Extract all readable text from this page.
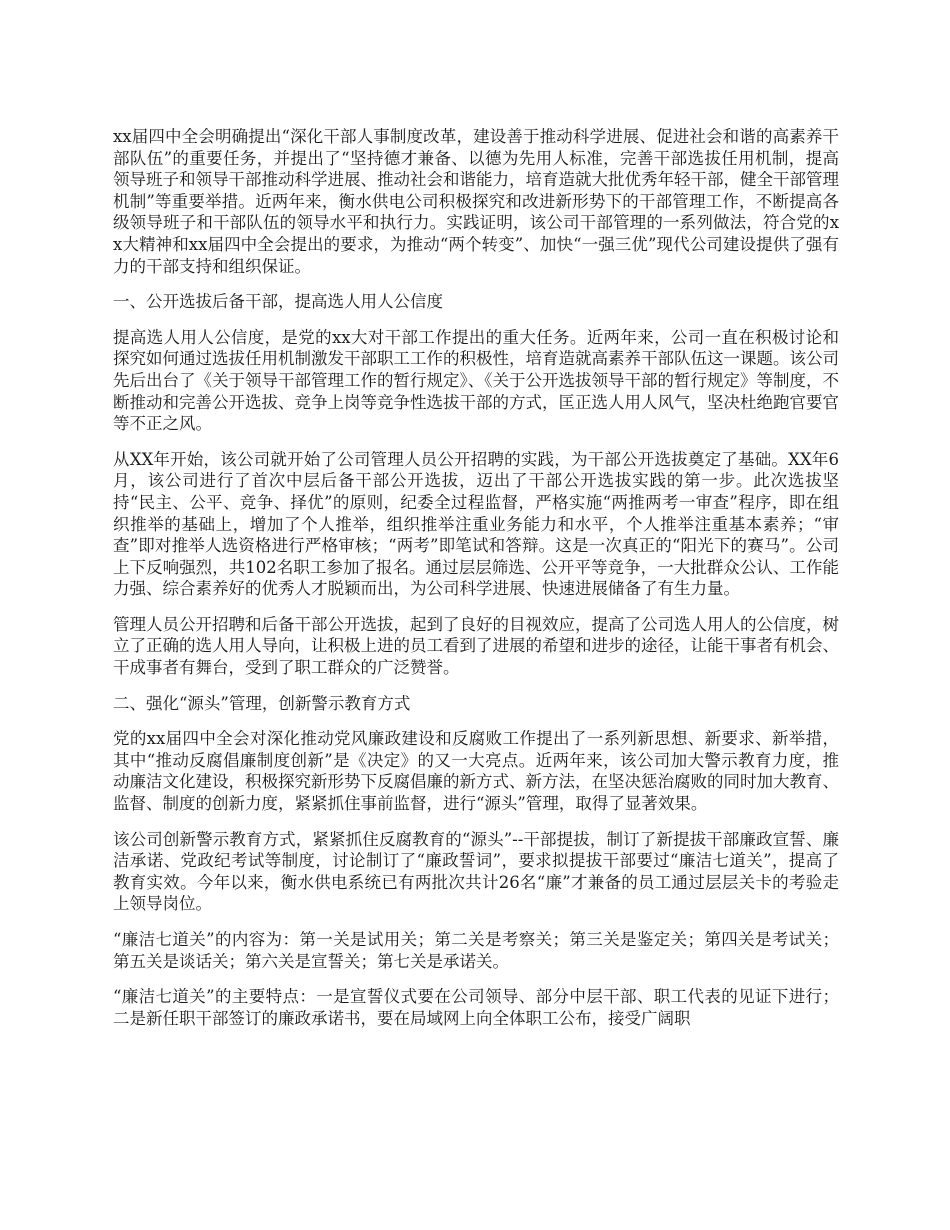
xx届四中全会明确提出“深化干部人事制度改革，建设善于推动科学进展、促进社会和谐的高素养干部队伍”的重要任务，并提出了“坚持德才兼备、以德为先用人标准，完善干部选拔任用机制，提高领导班子和领导干部推动科学进展、推动社会和谐能力，培育造就大批优秀年轻干部，健全干部管理机制”等重要举措。近两年来，衡水供电公司积极探究和改进新形势下的干部管理工作，不断提高各级领导班子和干部队伍的领导水平和执行力。实践证明，该公司干部管理的一系列做法，符合党的xx大精神和xx届四中全会提出的要求，为推动“两个转变”、加快“一强三优”现代公司建设提供了强有力的干部支持和组织保证。

一、公开选拔后备干部，提高选人用人公信度

提高选人用人公信度，是党的xx大对干部工作提出的重大任务。近两年来，公司一直在积极讨论和探究如何通过选拔任用机制激发干部职工工作的积极性，培育造就高素养干部队伍这一课题。该公司先后出台了《关于领导干部管理工作的暂行规定》、《关于公开选拔领导干部的暂行规定》等制度，不断推动和完善公开选拔、竞争上岗等竞争性选拔干部的方式，匡正选人用人风气，坚决杜绝跑官要官等不正之风。

从XX年开始，该公司就开始了公司管理人员公开招聘的实践，为干部公开选拔奠定了基础。XX年6月，该公司进行了首次中层后备干部公开选拔，迈出了干部公开选拔实践的第一步。此次选拔坚持“民主、公平、竞争、择优”的原则，纪委全过程监督，严格实施“两推两考一审查”程序，即在组织推举的基础上，增加了个人推举，组织推举注重业务能力和水平，个人推举注重基本素养；“审查”即对推举人选资格进行严格审核；“两考”即笔试和答辩。这是一次真正的“阳光下的赛马”。公司上下反响强烈，共102名职工参加了报名。通过层层筛选、公开平等竞争，一大批群众公认、工作能力强、综合素养好的优秀人才脱颖而出，为公司科学进展、快速进展储备了有生力量。

管理人员公开招聘和后备干部公开选拔，起到了良好的目视效应，提高了公司选人用人的公信度，树立了正确的选人用人导向，让积极上进的员工看到了进展的希望和进步的途径，让能干事者有机会、干成事者有舞台，受到了职工群众的广泛赞誉。

二、强化“源头”管理，创新警示教育方式

党的xx届四中全会对深化推动党风廉政建设和反腐败工作提出了一系列新思想、新要求、新举措，其中“推动反腐倡廉制度创新”是《决定》的又一大亮点。近两年来，该公司加大警示教育力度，推动廉洁文化建设，积极探究新形势下反腐倡廉的新方式、新方法，在坚决惩治腐败的同时加大教育、监督、制度的创新力度，紧紧抓住事前监督，进行“源头”管理，取得了显著效果。

该公司创新警示教育方式，紧紧抓住反腐教育的“源头”--干部提拔，制订了新提拔干部廉政宣誓、廉洁承诺、党政纪考试等制度，讨论制订了“廉政誓词”，要求拟提拔干部要过“廉洁七道关”，提高了教育实效。今年以来，衡水供电系统已有两批次共计26名“廉”才兼备的员工通过层层关卡的考验走上领导岗位。

“廉洁七道关”的内容为：第一关是试用关；第二关是考察关；第三关是鉴定关；第四关是考试关；第五关是谈话关；第六关是宣誓关；第七关是承诺关。

“廉洁七道关”的主要特点：一是宣誓仪式要在公司领导、部分中层干部、职工代表的见证下进行；二是新任职干部签订的廉政承诺书，要在局域网上向全体职工公布，接受广阔职
